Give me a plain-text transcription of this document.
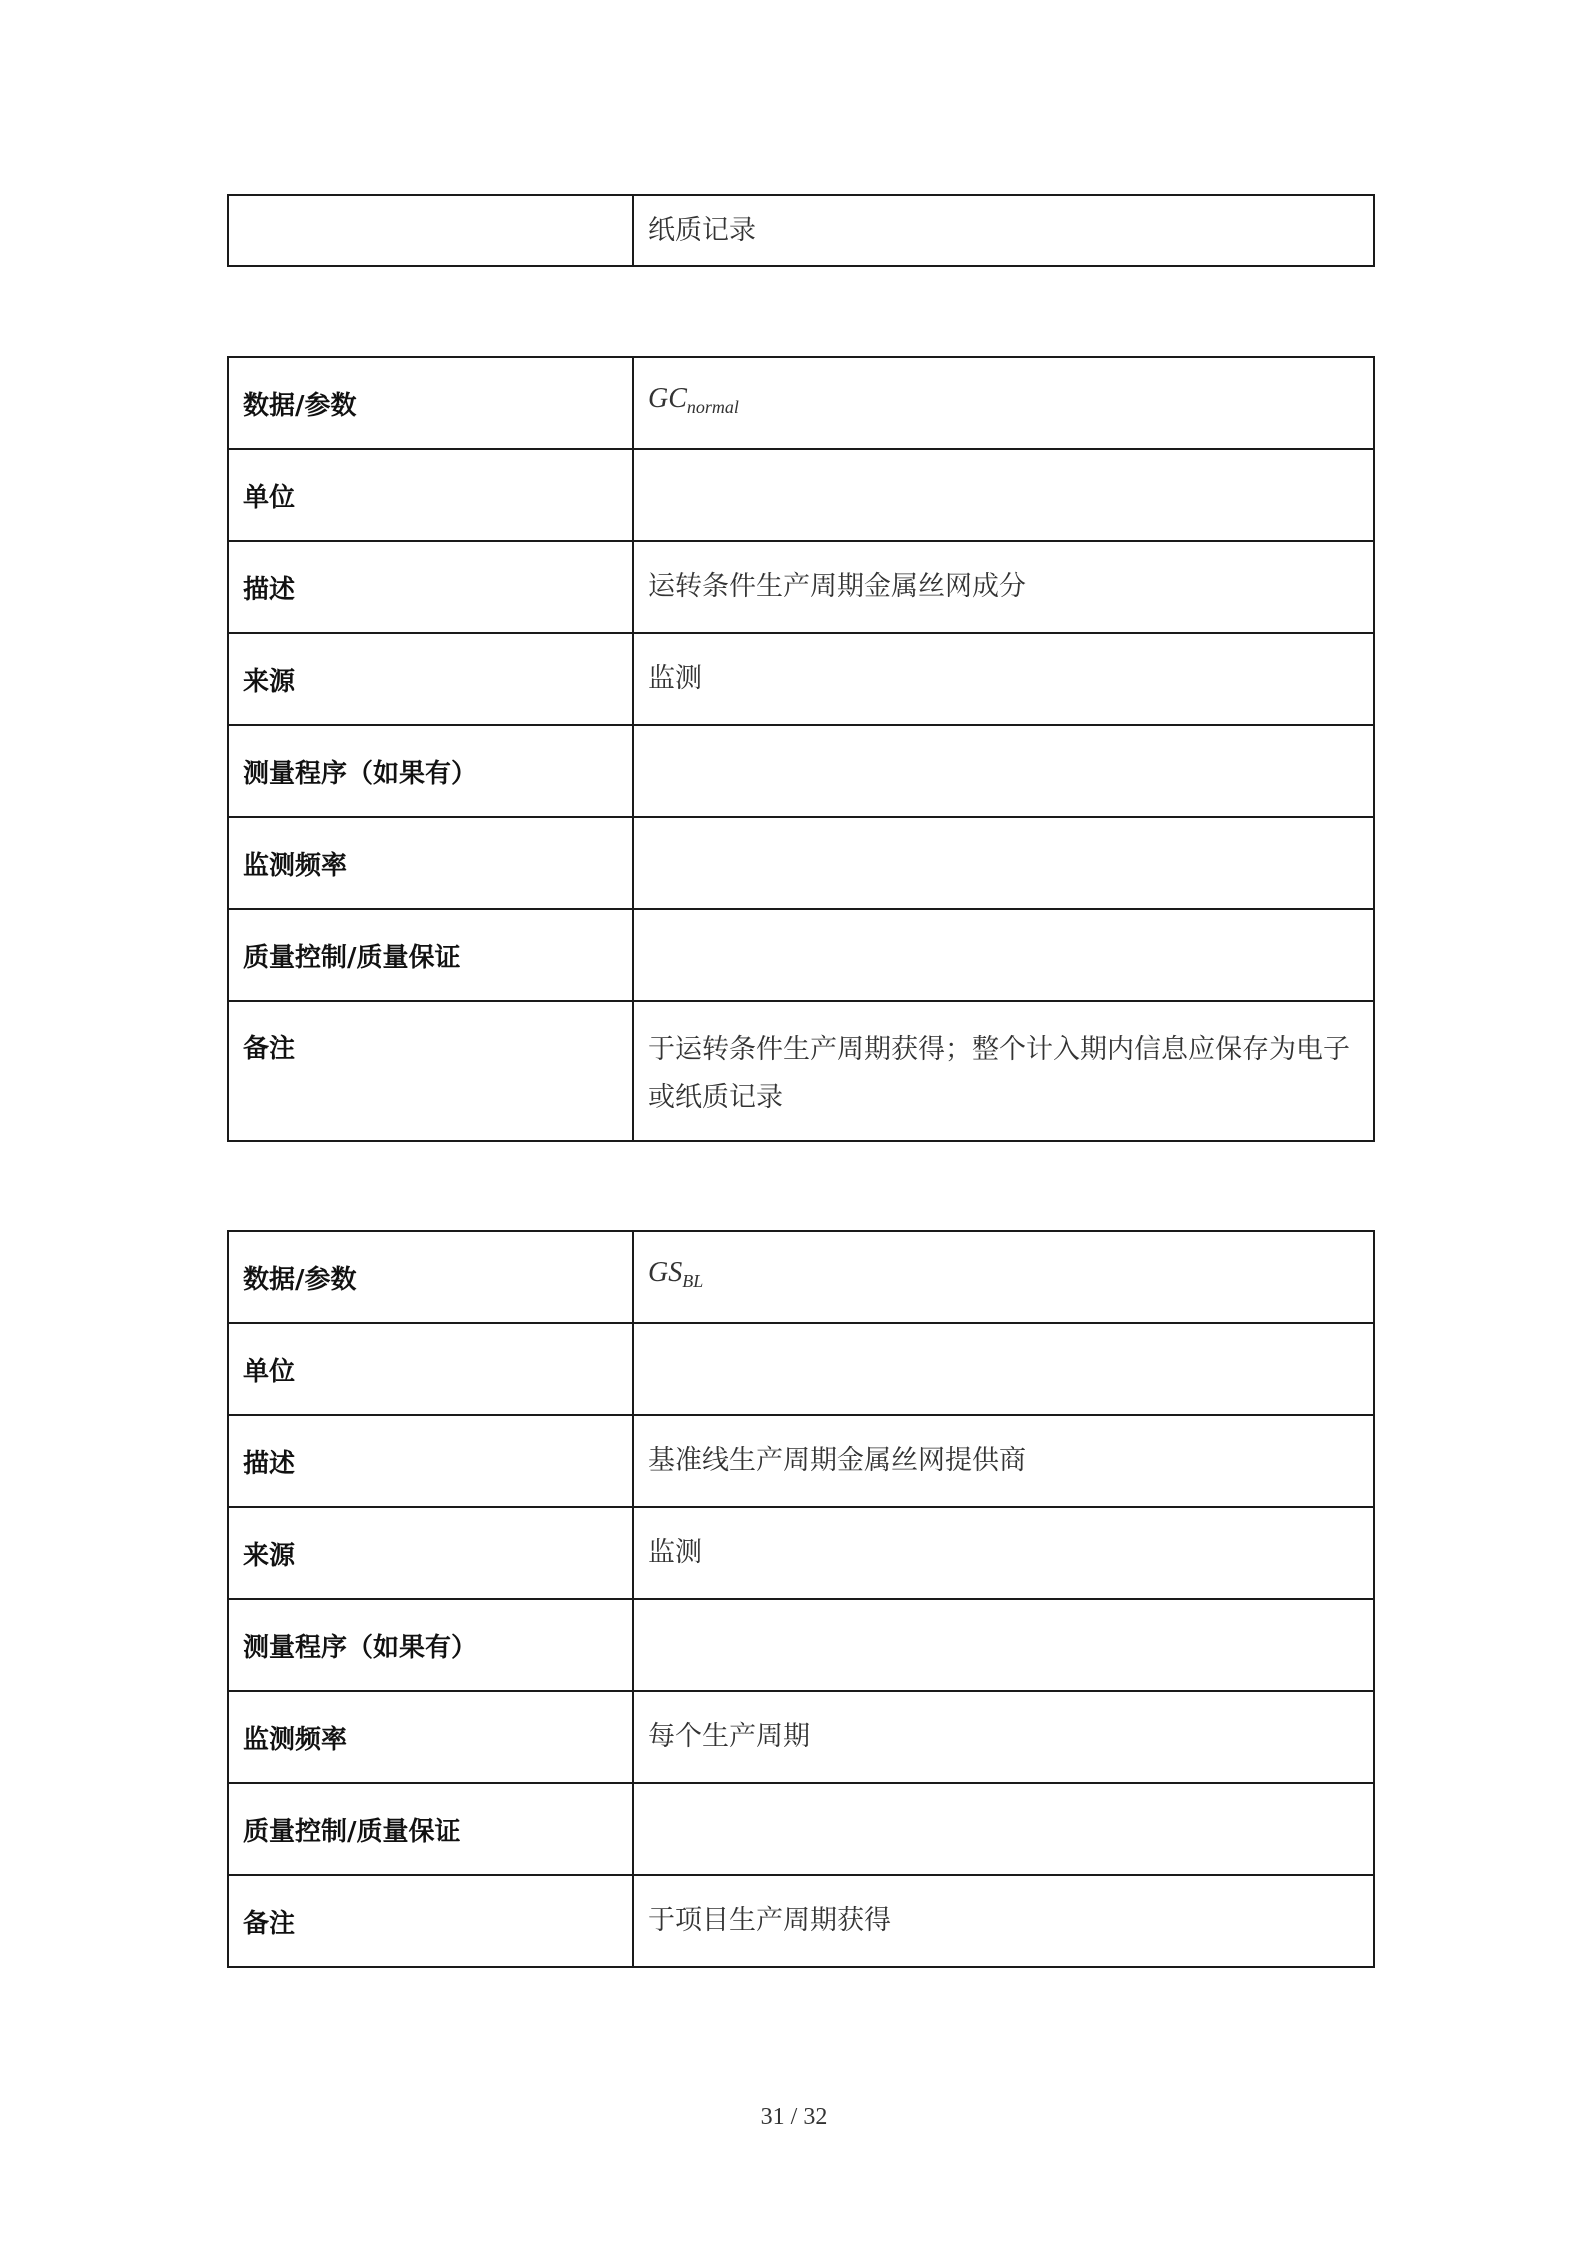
	纸质记录
数据/参数	$GC_{normal}$
单位	
描述	运转条件生产周期金属丝网成分
来源	监测
测量程序（如果有）	
监测频率	
质量控制/质量保证	
备注	于运转条件生产周期获得；整个计入期内信息应保存为电子或纸质记录
数据/参数	$GS_{BL}$
单位	
描述	基准线生产周期金属丝网提供商
来源	监测
测量程序（如果有）	
监测频率	每个生产周期
质量控制/质量保证	
备注	于项目生产周期获得
31 / 32
